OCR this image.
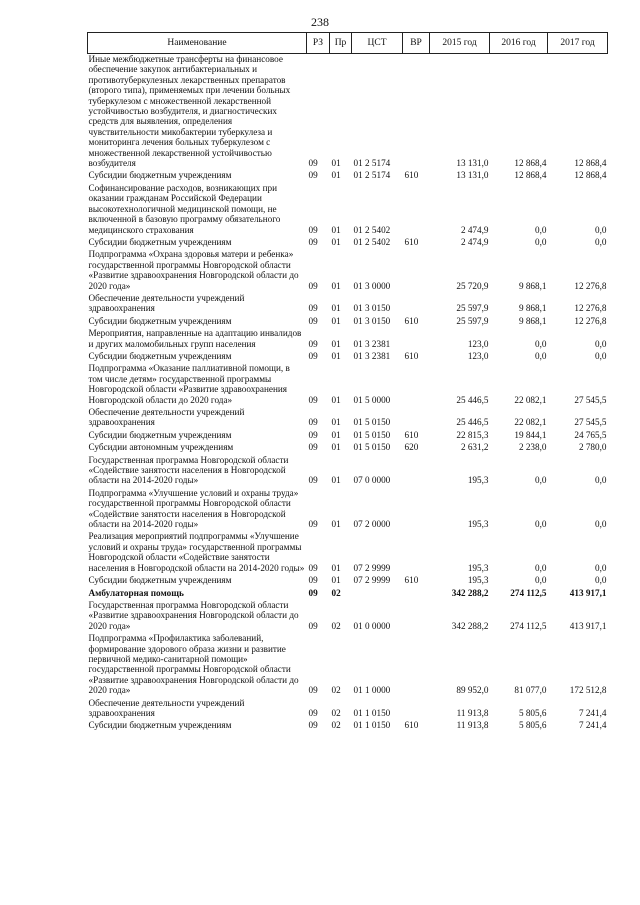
238
Наименование	РЗ	Пр	ЦСТ	ВР	2015 год	2016 год	2017 год
Иные межбюджетные трансферты на финансовое обеспечение закупок антибактериальных и противотуберкулезных лекарственных препаратов (второго типа), применяемых при лечении больных туберкулезом с множественной лекарственной устойчивостью возбудителя, и диагностических средств для выявления, определения чувствительности микобактерии туберкулеза и мониторинга лечения больных туберкулезом с множественной лекарственной устойчивостью возбудителя	09	01	01 2 5174		13 131,0	12 868,4	12 868,4
Субсидии бюджетным учреждениям	09	01	01 2 5174	610	13 131,0	12 868,4	12 868,4
Софинансирование расходов, возникающих при оказании гражданам Российской Федерации высокотехнологичной медицинской помощи, не включенной в базовую программу обязательного медицинского страхования	09	01	01 2 5402		2 474,9	0,0	0,0
Субсидии бюджетным учреждениям	09	01	01 2 5402	610	2 474,9	0,0	0,0
Подпрограмма «Охрана здоровья матери и ребенка» государственной программы Новгородской области «Развитие здравоохранения Новгородской области до 2020 года»	09	01	01 3 0000		25 720,9	9 868,1	12 276,8
Обеспечение деятельности учреждений здравоохранения	09	01	01 3 0150		25 597,9	9 868,1	12 276,8
Субсидии бюджетным учреждениям	09	01	01 3 0150	610	25 597,9	9 868,1	12 276,8
Мероприятия, направленные на адаптацию инвалидов и других маломобильных групп населения	09	01	01 3 2381		123,0	0,0	0,0
Субсидии бюджетным учреждениям	09	01	01 3 2381	610	123,0	0,0	0,0
Подпрограмма «Оказание паллиативной помощи, в том числе детям» государственной программы Новгородской области «Развитие здравоохранения Новгородской области до 2020 года»	09	01	01 5 0000		25 446,5	22 082,1	27 545,5
Обеспечение деятельности учреждений здравоохранения	09	01	01 5 0150		25 446,5	22 082,1	27 545,5
Субсидии бюджетным учреждениям	09	01	01 5 0150	610	22 815,3	19 844,1	24 765,5
Субсидии автономным учреждениям	09	01	01 5 0150	620	2 631,2	2 238,0	2 780,0
Государственная программа Новгородской области «Содействие занятости населения в Новгородской области на 2014-2020 годы»	09	01	07 0 0000		195,3	0,0	0,0
Подпрограмма «Улучшение условий и охраны труда» государственной программы Новгородской области «Содействие занятости населения в Новгородской области на 2014-2020 годы»	09	01	07 2 0000		195,3	0,0	0,0
Реализация мероприятий подпрограммы «Улучшение условий и охраны труда» государственной программы Новгородской области «Содействие занятости населения в Новгородской области на 2014-2020 годы»	09	01	07 2 9999		195,3	0,0	0,0
Субсидии бюджетным учреждениям	09	01	07 2 9999	610	195,3	0,0	0,0
Амбулаторная помощь	09	02			342 288,2	274 112,5	413 917,1
Государственная программа Новгородской области «Развитие здравоохранения Новгородской области до 2020 года»	09	02	01 0 0000		342 288,2	274 112,5	413 917,1
Подпрограмма «Профилактика заболеваний, формирование здорового образа жизни и развитие первичной медико-санитарной помощи» государственной программы Новгородской области «Развитие здравоохранения Новгородской области до 2020 года»	09	02	01 1 0000		89 952,0	81 077,0	172 512,8
Обеспечение деятельности учреждений здравоохранения	09	02	01 1 0150		11 913,8	5 805,6	7 241,4
Субсидии бюджетным учреждениям	09	02	01 1 0150	610	11 913,8	5 805,6	7 241,4
